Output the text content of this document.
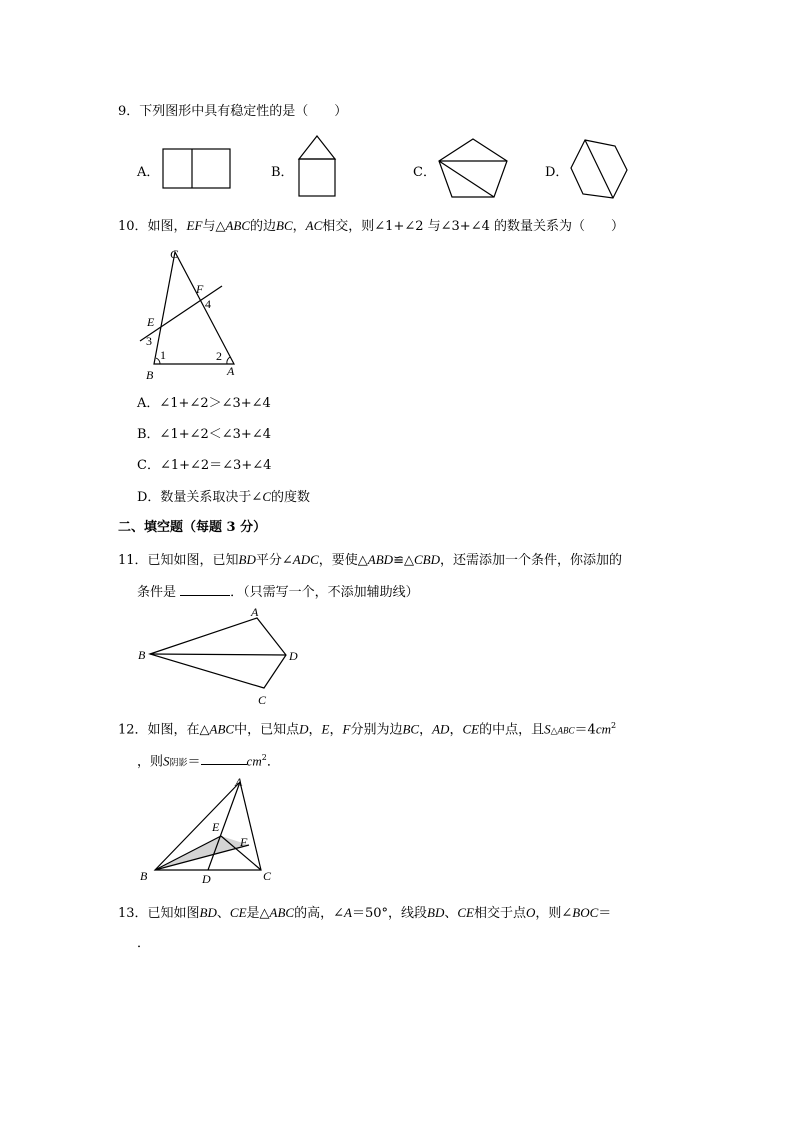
9．下列图形中具有稳定性的是（　　）
A．	B．	C．	D．
10．如图，EF与△ABC的边BC，AC相交，则∠1+∠2 与∠3+∠4 的数量关系为（　　）
C
F
4
E
3
1	2
B	A
A．∠1+∠2＞∠3+∠4
B．∠1+∠2＜∠3+∠4
C．∠1+∠2＝∠3+∠4
D．数量关系取决于∠C的度数
二、填空题（每题 3 分）
11．已知如图，已知BD平分∠ADC，要使△ABD≌△CBD，还需添加一个条件，你添加的
条件是	．（只需写一个，不添加辅助线）
A
B	D
C
12．如图，在△ABC中，已知点D，E，F分别为边BC，AD，CE的中点，且$S\triangle ABC=4cm^2$
，则S阴影＝	$cm^2$．
A
E
F
B	D	C
13．已知如图BD、CE是△ABC的高，∠A＝50°，线段BD、CE相交于点O，则∠BOC＝
．
